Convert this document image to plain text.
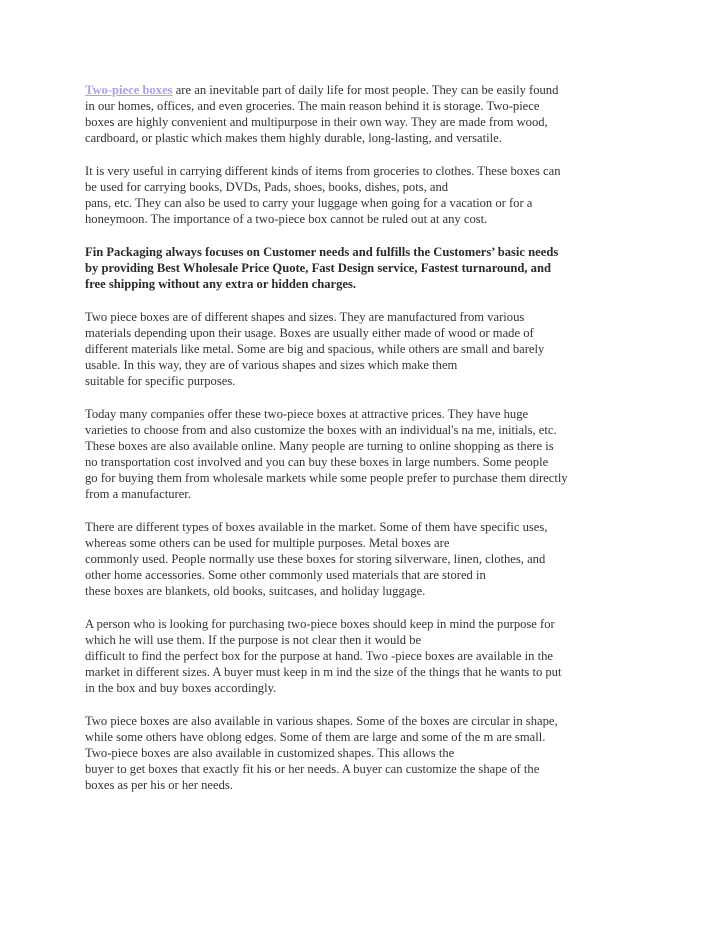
Two-piece boxes are an inevitable part of daily life for most people. They can be easily found
in our homes, offices, and even groceries. The main reason behind it is storage. Two-piece
boxes are highly convenient and multipurpose in their own way. They are made from wood,
cardboard, or plastic which makes them highly durable, long-lasting, and versatile.
It is very useful in carrying different kinds of items from groceries to clothes. These boxes can
be used for carrying books, DVDs, Pads, shoes, books, dishes, pots, and
pans, etc. They can also be used to carry your luggage when going for a vacation or for a
honeymoon. The importance of a two-piece box cannot be ruled out at any cost.
Fin Packaging always focuses on Customer needs and fulfills the Customers’ basic needs
by providing Best Wholesale Price Quote, Fast Design service, Fastest turnaround, and
free shipping without any extra or hidden charges.
Two piece boxes are of different shapes and sizes. They are manufactured from various
materials depending upon their usage. Boxes are usually either made of wood or made of
different materials like metal. Some are big and spacious, while others are small and barely
usable. In this way, they are of various shapes and sizes which make them
suitable for specific purposes.
Today many companies offer these two-piece boxes at attractive prices. They have huge
varieties to choose from and also customize the boxes with an individual's na me, initials, etc.
These boxes are also available online. Many people are turning to online shopping as there is
no transportation cost involved and you can buy these boxes in large numbers. Some people
go for buying them from wholesale markets while some people prefer to purchase them directly
from a manufacturer.
There are different types of boxes available in the market. Some of them have specific uses,
whereas some others can be used for multiple purposes. Metal boxes are
commonly used. People normally use these boxes for storing silverware, linen, clothes, and
other home accessories. Some other commonly used materials that are stored in
these boxes are blankets, old books, suitcases, and holiday luggage.
A person who is looking for purchasing two-piece boxes should keep in mind the purpose for
which he will use them. If the purpose is not clear then it would be
difficult to find the perfect box for the purpose at hand. Two -piece boxes are available in the
market in different sizes. A buyer must keep in m ind the size of the things that he wants to put
in the box and buy boxes accordingly.
Two piece boxes are also available in various shapes. Some of the boxes are circular in shape,
while some others have oblong edges. Some of them are large and some of the m are small.
Two-piece boxes are also available in customized shapes. This allows the
buyer to get boxes that exactly fit his or her needs. A buyer can customize the shape of the
boxes as per his or her needs.
